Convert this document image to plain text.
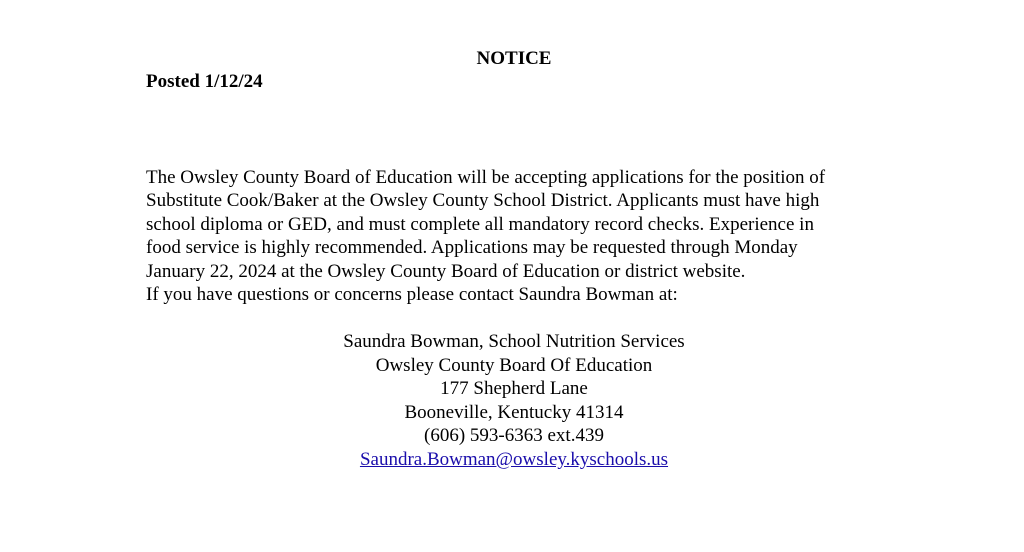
NOTICE
Posted 1/12/24

The Owsley County Board of Education will be accepting applications for the position of

Substitute Cook/Baker at the Owsley County School District. Applicants must have high

school diploma or GED, and must complete all mandatory record checks. Experience in

food service is highly recommended. Applications may be requested through Monday

January 22, 2024 at the Owsley County Board of Education or district website.

If you have questions or concerns please contact Saundra Bowman at:

Saundra Bowman, School Nutrition Services
Owsley County Board Of Education
177 Shepherd Lane
Booneville, Kentucky 41314
(606) 593-6363 ext.439
Saundra.Bowman@owsley.kyschools.us
